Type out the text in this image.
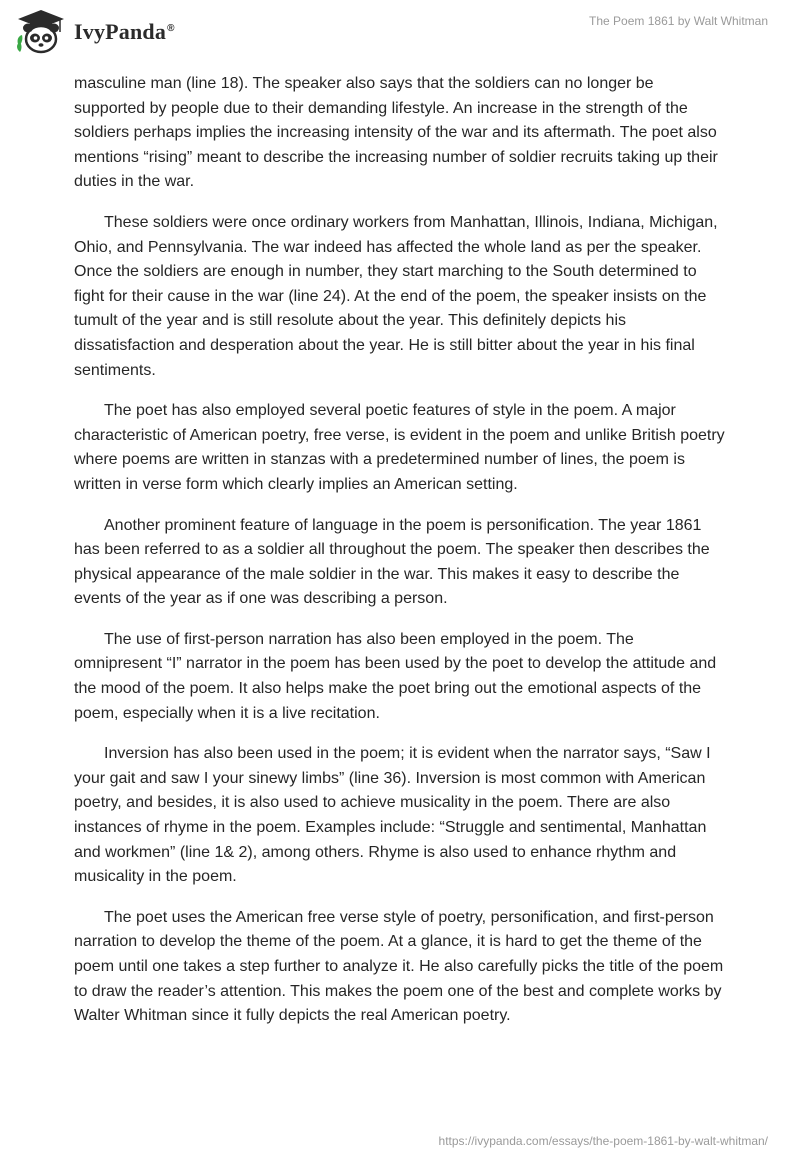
IvyPanda®
The Poem 1861 by Walt Whitman

masculine man (line 18). The speaker also says that the soldiers can no longer be supported by people due to their demanding lifestyle. An increase in the strength of the soldiers perhaps implies the increasing intensity of the war and its aftermath. The poet also mentions “rising” meant to describe the increasing number of soldier recruits taking up their duties in the war.

These soldiers were once ordinary workers from Manhattan, Illinois, Indiana, Michigan, Ohio, and Pennsylvania. The war indeed has affected the whole land as per the speaker. Once the soldiers are enough in number, they start marching to the South determined to fight for their cause in the war (line 24). At the end of the poem, the speaker insists on the tumult of the year and is still resolute about the year. This definitely depicts his dissatisfaction and desperation about the year. He is still bitter about the year in his final sentiments.

The poet has also employed several poetic features of style in the poem. A major characteristic of American poetry, free verse, is evident in the poem and unlike British poetry where poems are written in stanzas with a predetermined number of lines, the poem is written in verse form which clearly implies an American setting.

Another prominent feature of language in the poem is personification. The year 1861 has been referred to as a soldier all throughout the poem. The speaker then describes the physical appearance of the male soldier in the war. This makes it easy to describe the events of the year as if one was describing a person.

The use of first-person narration has also been employed in the poem. The omnipresent “I” narrator in the poem has been used by the poet to develop the attitude and the mood of the poem. It also helps make the poet bring out the emotional aspects of the poem, especially when it is a live recitation.

Inversion has also been used in the poem; it is evident when the narrator says, “Saw I your gait and saw I your sinewy limbs” (line 36). Inversion is most common with American poetry, and besides, it is also used to achieve musicality in the poem. There are also instances of rhyme in the poem. Examples include: “Struggle and sentimental, Manhattan and workmen” (line 1& 2), among others. Rhyme is also used to enhance rhythm and musicality in the poem.

The poet uses the American free verse style of poetry, personification, and first-person narration to develop the theme of the poem. At a glance, it is hard to get the theme of the poem until one takes a step further to analyze it. He also carefully picks the title of the poem to draw the reader’s attention. This makes the poem one of the best and complete works by Walter Whitman since it fully depicts the real American poetry.

https://ivypanda.com/essays/the-poem-1861-by-walt-whitman/
